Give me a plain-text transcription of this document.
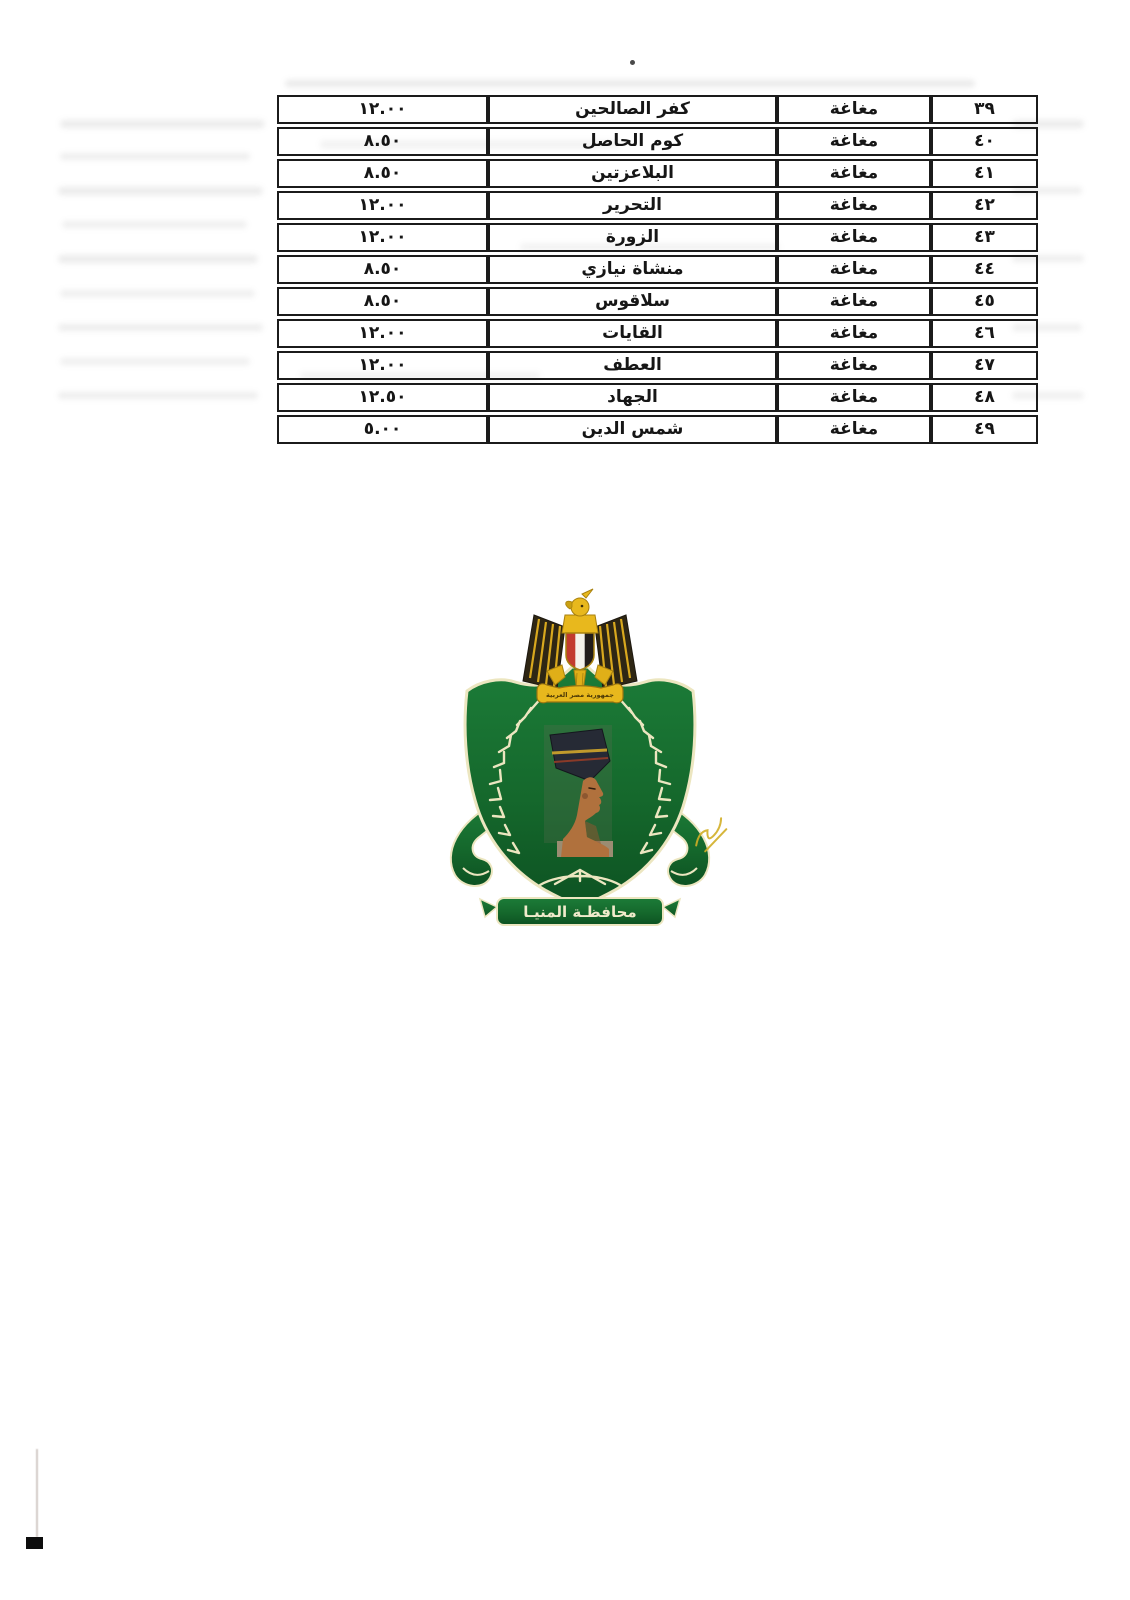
٣٩	مغاغة	كفر الصالحين	١٢.٠٠
٤٠	مغاغة	كوم الحاصل	٨.٥٠
٤١	مغاغة	البلاعزتين	٨.٥٠
٤٢	مغاغة	التحرير	١٢.٠٠
٤٣	مغاغة	الزورة	١٢.٠٠
٤٤	مغاغة	منشاة نيازي	٨.٥٠
٤٥	مغاغة	سلاقوس	٨.٥٠
٤٦	مغاغة	القايات	١٢.٠٠
٤٧	مغاغة	العطف	١٢.٠٠
٤٨	مغاغة	الجهاد	١٢.٥٠
٤٩	مغاغة	شمس الدين	٥.٠٠
جمهورية مصر العربية
محافظـة المنيـا
